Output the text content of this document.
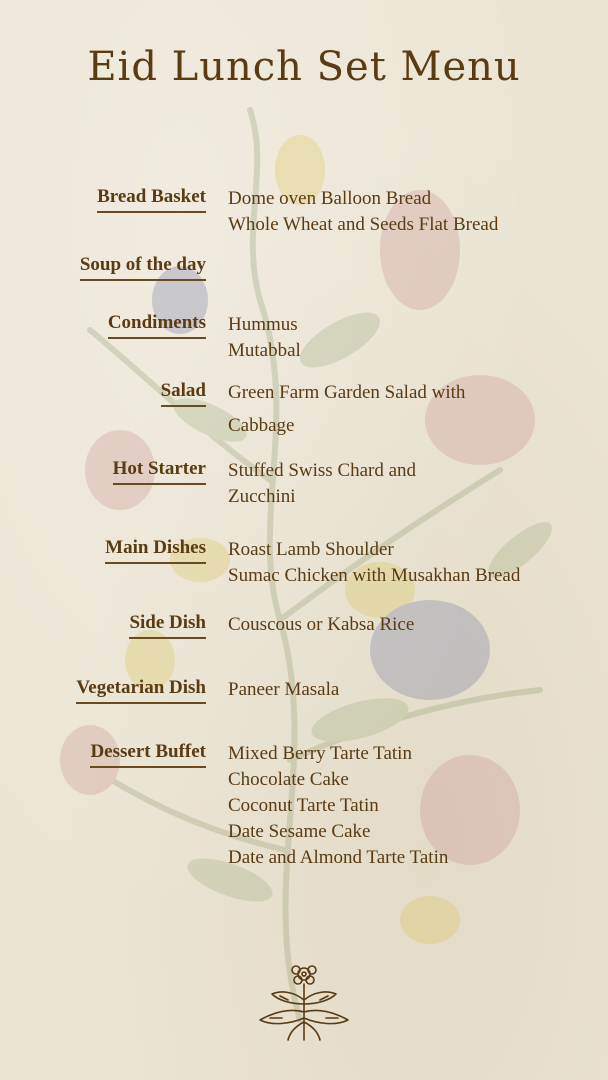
Eid Lunch Set Menu
Bread Basket Dome oven Balloon Bread
Whole Wheat and Seeds Flat Bread
Soup of the day
Condiments Hummus
Mutabbal
Salad Green Farm Garden Salad with
Cabbage
Hot Starter Stuffed Swiss Chard and
Zucchini
Main Dishes Roast Lamb Shoulder
Sumac Chicken with Musakhan Bread
Side Dish Couscous or Kabsa Rice
Vegetarian Dish Paneer Masala
Dessert Buffet Mixed Berry Tarte Tatin
Chocolate Cake
Coconut Tarte Tatin
Date Sesame Cake
Date and Almond Tarte Tatin
